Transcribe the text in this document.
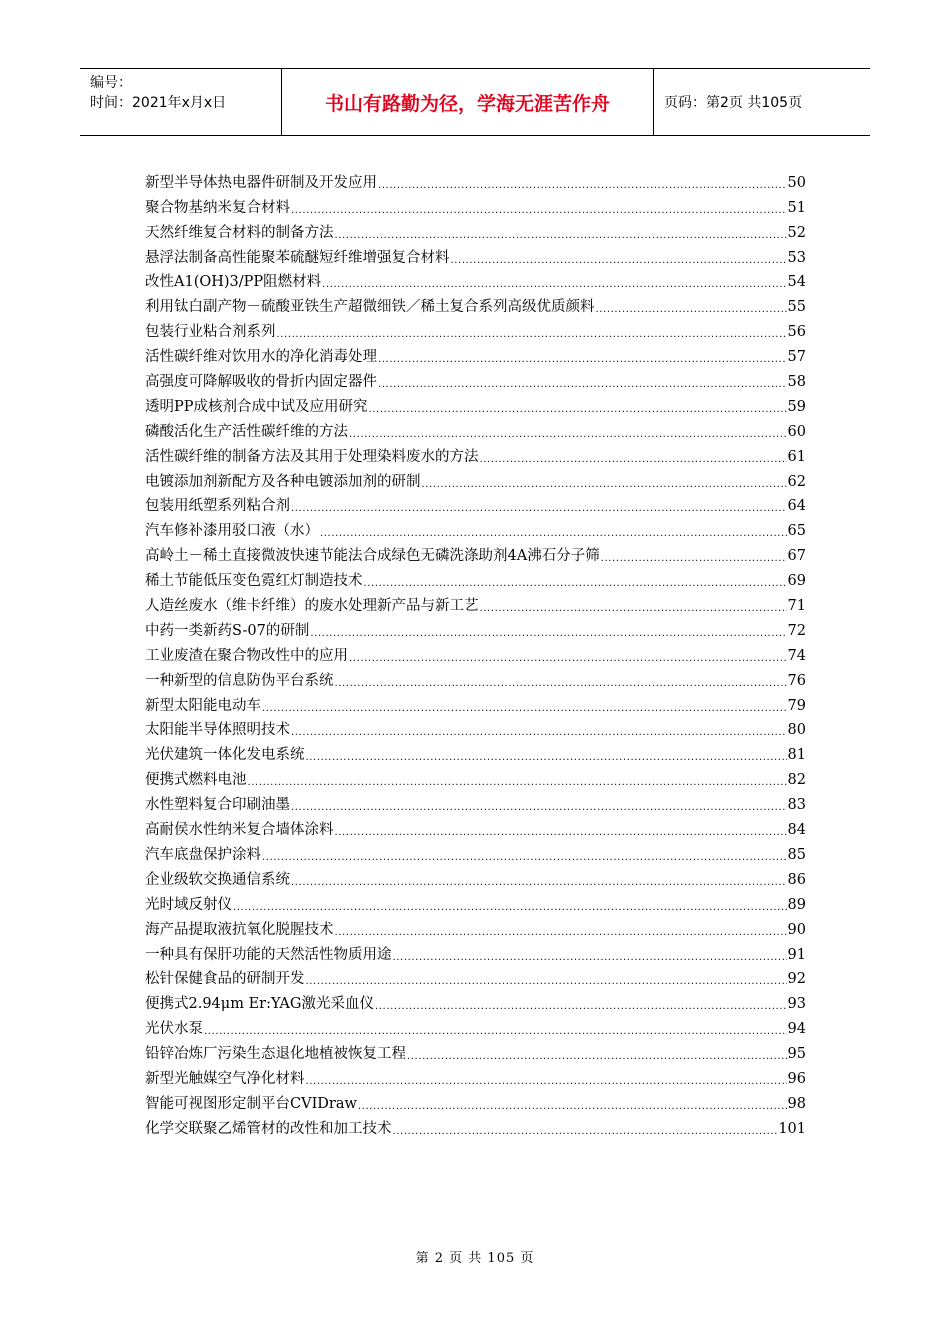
编号：
时间：2021年x月x日	书山有路勤为径，学海无涯苦作舟	页码：第2页 共105页
新型半导体热电器件研制及开发应用 .....	50
聚合物基纳米复合材料 .....	51
天然纤维复合材料的制备方法 .....	52
悬浮法制备高性能聚苯硫醚短纤维增强复合材料 .....	53
改性A1(OH)3/PP阻燃材料 .....	54
利用钛白副产物－硫酸亚铁生产超微细铁／稀土复合系列高级优质颜料 .....	55
包装行业粘合剂系列 .....	56
活性碳纤维对饮用水的净化消毒处理 .....	57
高强度可降解吸收的骨折内固定器件 .....	58
透明PP成核剂合成中试及应用研究 .....	59
磷酸活化生产活性碳纤维的方法 .....	60
活性碳纤维的制备方法及其用于处理染料废水的方法 .....	61
电镀添加剂新配方及各种电镀添加剂的研制 .....	62
包装用纸塑系列粘合剂 .....	64
汽车修补漆用驳口液（水） .....	65
高岭土－稀土直接微波快速节能法合成绿色无磷洗涤助剂4A沸石分子筛 .....	67
稀土节能低压变色霓红灯制造技术 .....	69
人造丝废水（维卡纤维）的废水处理新产品与新工艺 .....	71
中药一类新药S-07的研制 .....	72
工业废渣在聚合物改性中的应用 .....	74
一种新型的信息防伪平台系统 .....	76
新型太阳能电动车 .....	79
太阳能半导体照明技术 .....	80
光伏建筑一体化发电系统 .....	81
便携式燃料电池 .....	82
水性塑料复合印刷油墨 .....	83
高耐侯水性纳米复合墙体涂料 .....	84
汽车底盘保护涂料 .....	85
企业级软交换通信系统 .....	86
光时域反射仪 .....	89
海产品提取液抗氧化脱腥技术 .....	90
一种具有保肝功能的天然活性物质用途 .....	91
松针保健食品的研制开发 .....	92
便携式2.94μm Er:YAG激光采血仪 .....	93
光伏水泵 .....	94
铅锌冶炼厂污染生态退化地植被恢复工程 .....	95
新型光触媒空气净化材料 .....	96
智能可视图形定制平台CVIDraw .....	98
化学交联聚乙烯管材的改性和加工技术 .....	101
第 2 页 共 105 页
